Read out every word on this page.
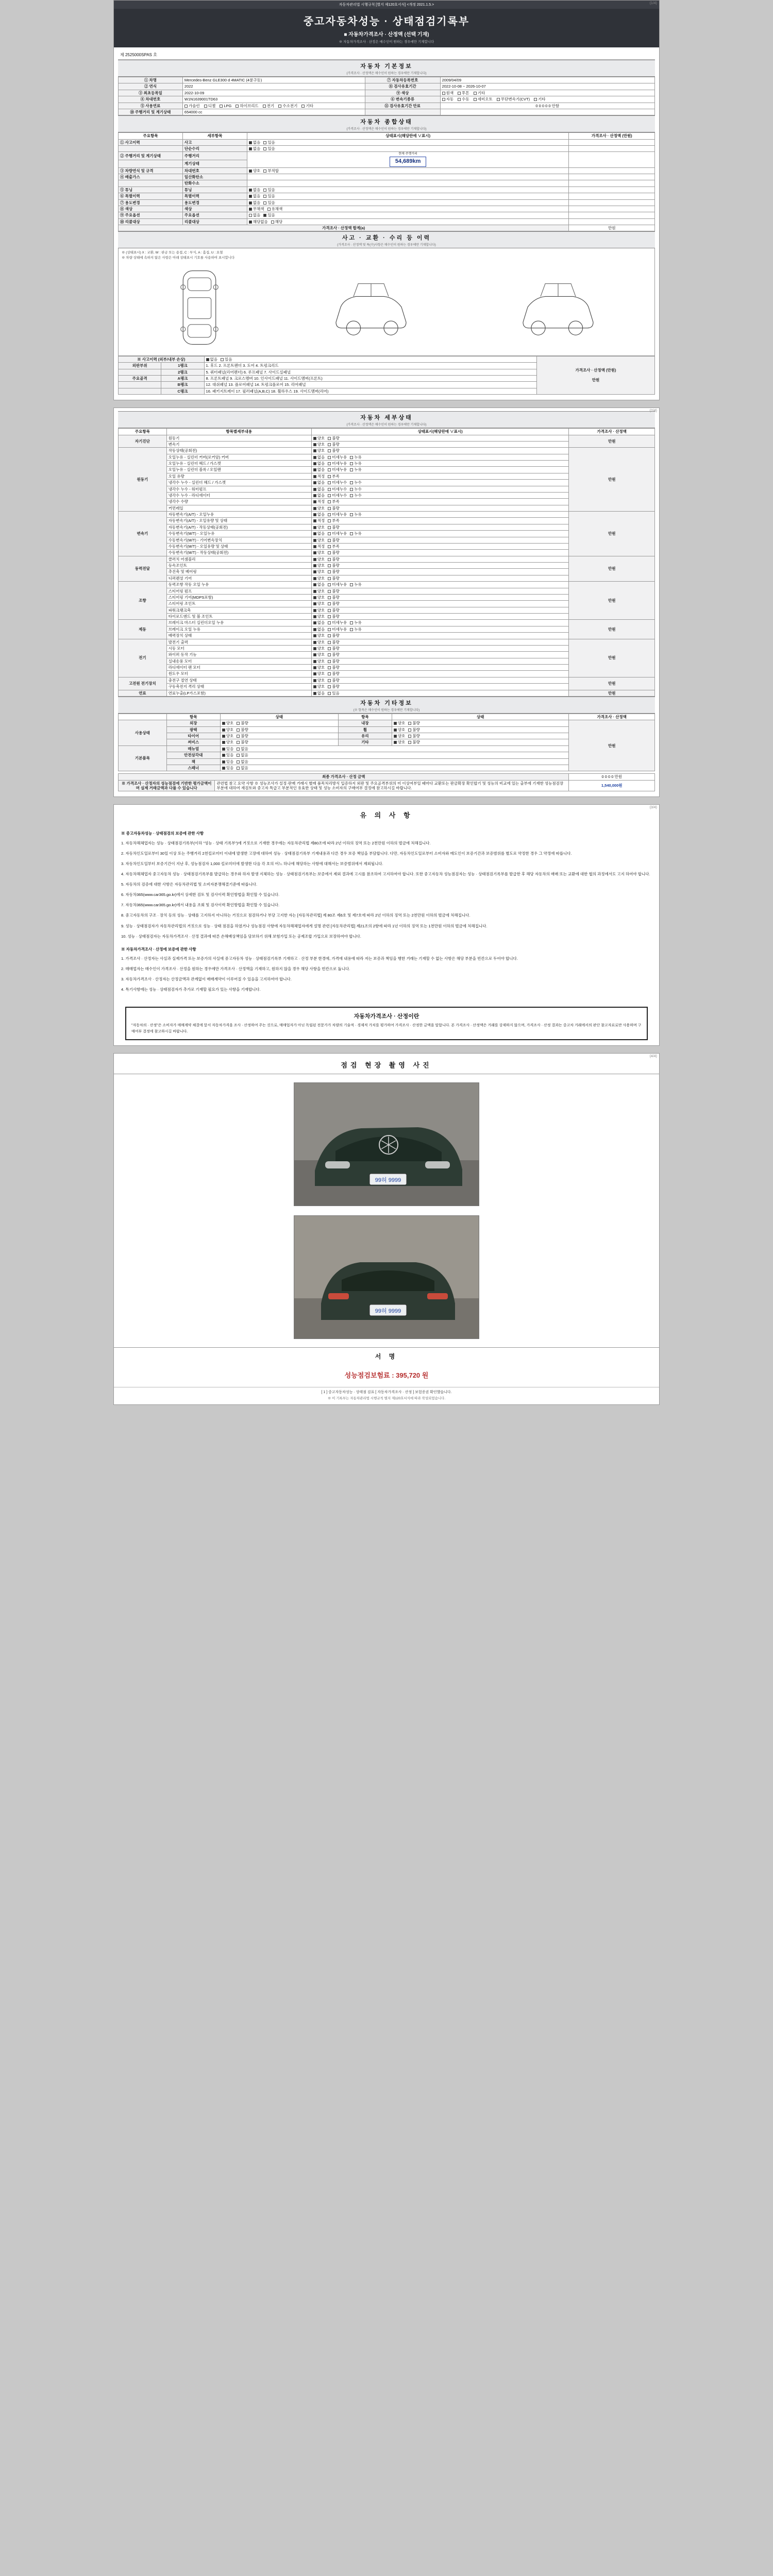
(1/4)
자동차관리법 시행규칙 [별지 제120호서식] <개정 2021.1.5.>
중고자동차성능 · 상태점검기록부
■ 자동차가격조사 · 산정액 (선택 기재)
※ 자동차가격조사 · 산정은 매수인이 원하는 경우에만 기재합니다
제 2525000SPAS 호
자동차 기본정보
(가격조사 · 산정액은 매수인이 원하는 경우에만 기재합니다)
① 차명	Mercedes-Benz GLE300 d 4MATIC (4륜구동)	⑦ 자동차등록번호	2009/04/09
② 연식	2022	⑧ 검사유효기간	2022-10-08 ~ 2026-10-07
③ 최초등록일	2022-10-09	⑨ 색상	원색 투톤 기타
④ 차대번호	W1N1639001TD63	⑥ 변속기종류	자동 수동 세미오토 무단변속기(CVT) 기타
⑤ 사용연료	가솔린 디젤 LPG 하이브리드 전기 수소전기 기타	⑪ 검사유효기간 만료	0 0 0 0 0 안함
⑩ 주행거리 및 계기상태	654000 cc		
자동차 종합상태
(가격조사 · 산정액은 매수인이 원하는 경우에만 기재합니다)
주요항목	세부항목	상태표시(해당란에 ∨표시)	가격조사 · 산정액 (만원)
① 사고이력	사고	없음 있음	
	단순수리	없음 있음	
② 주행거리 및 계기상태	주행거리	현재 주행거리
54,689km	
	계기상태		
③ 차량연식 및 규격	차대번호	양호 부적합	
④ 배출가스	일산화탄소		
	탄화수소		
⑤ 튜닝	튜닝	없음 있음	
⑥ 특별이력	특별이력	없음 있음	
⑦ 용도변경	용도변경	없음 있음	
⑧ 색상	색상	무채색 유채색	
⑨ 주요옵션	주요옵션	없음 있음	
⑩ 리콜대상	리콜대상	해당없음 해당	
가격조사 · 산정액 합계(a)			만원
사고 · 교환 · 수리 등 이력
(가격조사 · 산정액 및 특(수)사항은 매수인이 원하는 경우에만 기재합니다)
※ (상태표시) X : 교환, W : 판금 또는 용접, C : 부식, A : 흠집, U : 요철
※ 차량 상태에 속하지 않은 사항은 아래 상태표시 기호를 사용하여 표시합니다
※ 사고이력 (외부/내부 손상)		없음 있음	가격조사 · 산정액 (만원)

만원
외판부위	1랭크	1. 후드 2. 프론트펜더 3. 도어 4. 트렁크리드	
	2랭크	5. 쿼터패널(리어펜더) 6. 루프패널 7. 사이드실패널	
주요골격	A랭크	8. 프론트패널 9. 크로스멤버 10. 인사이드패널 11. 사이드멤버(프론트)	
	B랭크	12. 대쉬패널 13. 플로어패널 14. 트렁크플로어 15. 리어패널	
	C랭크	16. 패키지트레이 17. 필러패널(A,B,C) 18. 휠하우스 19. 사이드멤버(리어)	
(2/4)
자동차 세부상태
(가격조사 · 산정액은 매수인이 원하는 경우에만 기재합니다)
주요항목	항목별세부내용	상태표시(해당란에 ∨표시)	가격조사 · 산정액
자기진단	원동기	양호 불량	만원
	변속기	양호 불량	
원동기	작동상태(공회전)	양호 불량	만원
	오일누유 - 실린더 커버(로커암) 커버	없음 미세누유 누유	
	오일누유 - 실린더 헤드 / 가스켓	없음 미세누유 누유	
	오일누유 - 실린더 블록 / 오일팬	없음 미세누유 누유	
	오일 유량	적정 부족	
	냉각수 누수 - 실린더 헤드 / 가스켓	없음 미세누수 누수	
	냉각수 누수 - 워터펌프	없음 미세누수 누수	
	냉각수 누수 - 라디에이터	없음 미세누수 누수	
	냉각수 수량	적정 부족	
	커먼레일	양호 불량	
변속기	자동변속기(A/T) - 오일누유	없음 미세누유 누유	만원
	자동변속기(A/T) - 오일유량 및 상태	적정 부족	
	자동변속기(A/T) - 작동상태(공회전)	양호 불량	
	수동변속기(M/T) - 오일누유	없음 미세누유 누유	
	수동변속기(M/T) - 기어변속장치	양호 불량	
	수동변속기(M/T) - 오일유량 및 상태	적정 부족	
	수동변속기(M/T) - 작동상태(공회전)	양호 불량	
동력전달	클러치 어셈블리	양호 불량	만원
	등속조인트	양호 불량	
	추진축 및 베어링	양호 불량	
	디퍼렌셜 기어	양호 불량	
조향	동력조향 작동 오일 누유	없음 미세누유 누유	만원
	스티어링 펌프	양호 불량	
	스티어링 기어(MDPS포함)	양호 불량	
	스티어링 조인트	양호 불량	
	파워크랭크축	양호 불량	
	타이로드엔드 및 볼 조인트	양호 불량	
제동	브레이크 마스터 실린더오일 누유	없음 미세누유 누유	만원
	브레이크 오일 누유	없음 미세누유 누유	
	배력장치 상태	양호 불량	
전기	발전기 출력	양호 불량	만원
	시동 모터	양호 불량	
	와이퍼 동작 기능	양호 불량	
	실내송풍 모터	양호 불량	
	라디에이터 팬 모터	양호 불량	
	윈도우 모터	양호 불량	
고전원 전기장치	충전구 절연 상태	양호 불량	만원
	구동축전지 격리 상태	양호 불량	
연료	연료누출(LP가스포함)	없음 있음	만원
자동차 기타정보
(※ 항목은 매수인이 원하는 경우에만 기재합니다)
	항목	상태	항목	상태	가격조사 · 산정액
사용상태	외장	양호 불량	내장	양호 불량	만원
	광택	양호 불량	휠	양호 불량	
	타이어	양호 불량	유리	양호 불량	
	써비스	양호 불량	기타	양호 불량	
기본품목	매뉴얼	있음 없음			
	안전삼각대	있음 없음			
	잭	있음 없음			
	스패너	있음 없음			
최종 가격조사 · 산정 금액		0 0 0 0 만원
※ 가격조사 · 산정자의 성능점검에 기반한 평가금액이며 실제 거래금액과 다를 수 있습니다	관련법 참고 요약 사항 ※ 성능조사가 설정·판매 거래시 별매 품목처리방식 입증하지 외판 및 주요골격부위의 미 이상여부일 때마다 교환또는 판금확장 확인합기 및 성능의 비교에 있는 출부에 기재한 성능점검장 부분에 대하여 재검토와 중고자 특급고 부분적인 유효한 상태 및 성능 소비자의 구매여부 결정에 참고하시길 바랍니다.	1,540,000원
(3/4)
유 의 사 항
※ 중고자동차성능 · 상태점검의 보증에 관한 사항

1. 자동차해체업자는 성능 · 상태점검기록부(이하 "성능 · 상태 기록부")에 거짓으로 기재한 경우에는 자동차관리법 제80조에 따라 2년 이하의 징역 또는 2천만원 이하의 벌금에 처해집니다.

2. 자동차인도일로부터 30일 이상 또는 주행거리 2천킬로미터 이내에 발생한 고장에 대하여 성능 · 상태점검기록부 기재내용과 다른 경우 보증 책임을 부담합니다. 다만, 자동차인도일로부터 소비자와 매도인이 보증기간과 보증범위를 별도로 약정한 경우 그 약정에 따릅니다.

3. 자동차인도일부터 보증기간이 지난 후, 성능점검자 1,000 킬로미터에 발생한 다음 각 호의 어느 하나에 해당하는 사항에 대해서는 보증범위에서 제외됩니다.

4. 자동차해체업자 중고자동차 성능 · 상태점검기록부를 발급하는 경우와 하자 발생 지체하는 성능 · 상태점검기록부는 보증에서 제외 결과에 고시를 참조하여 고지하여야 합니다. 또한 중고자동차 성능점검자는 성능 · 상태점검기록부를 발급한 후 해당 자동차의 매매 또는 교환에 대한 협의 과정에서도 고지 하여야 합니다.

5. 자동차의 검증에 대한 사항은 자동차관리법 및 소비자분쟁해결기준에 따릅니다.

6. 자동차365(www.car365.go.kr)에서 상세한 검토 및 검사이력 확인방법을 확인할 수 있습니다.

7. 자동차365(www.car365.go.kr)에서 내용을 조회 및 검사이력 확인방법을 확인할 수 있습니다.

8. 중고자동차의 구조 · 장치 등의 성능 · 상태를 고지하지 아니하는 거짓으로 점검하거나 부당 고지한 자는 [자동차관리법] 제 80조 제6호 및 제7호에 따라 2년 이하의 징역 또는 2천만원 이하의 벌금에 처해집니다.

9. 성능 · 상태점검자가 자동차관리법의 거짓으로 성능 · 상태 점검을 하였거나 성능점검 사항에 자동차해체업자에게 설명 관련 [자동차관리법] 제21조의 2항에 따라 1년 이하의 징역 또는 1천만원 이하의 벌금에 처해집니다.

10. 성능 · 상태점검자는 자동차가격조사 · 산정 결과에 따른 손해배상책임을 담보하기 위해 보험가입 또는 공제조합 가입으로 보장하여야 합니다.

※ 자동차가격조사 · 산정에 보증에 관한 사항

1. 가격조사 · 산정자는 사실과 실제가격 또는 보증가의 사실에 중고자동차 성능 · 상태점검기록부 기재하고 · 산정 부분 한경에, 가격에 내용에 따라 저는 보증과 책임을 행한 거래는 기재할 수 없는 사항은 해당 부분을 빈칸으로 두어야 합니다.

2. 매매업자는 매수인이 가격조사 · 산정을 원하는 경우에만 가격조사 · 산정액을 기재하고, 원하지 않을 경우 해당 사항을 빈칸으로 둡니다.

3. 자동차가격조사 · 산정자는 산정금액과 관계없이 매매계약이 이루어질 수 있음을 고지하여야 합니다.

4. 특기사항에는 성능 · 상태점검자가 추가로 기재할 필요가 있는 사항을 기재합니다.

자동차가격조사 · 산정이란
"자동차의 · 산정"은 소비자가 매매계약 체결에 앞서 자동차가격을 조사 · 산정하여 주는 것으로, 매매업자가 아닌 독립된 전문가가 차량의 기술적 · 경제적 가치를 평가하여 가격조사 · 산정한 금액을 말합니다. 본 가격조사 · 산정액은 거래를 강제하지 않으며, 가격조사 · 산정 결과는 중고차 거래에서의 판단 참고자료로만 사용하며 구매여부 결정에 참고하시길 바랍니다.
(4/4)
점검 현장 촬영 사진
99허 9999
99허 9999
서 명
성능점검보험료 : 395,720 원
[ 1 ] 중고자동차성능 · 상태점 검표 [ 자동차가격조사 · 산정 ] 보험증권 확인했습니다.
※ 이 기록부는 자동차관리법 시행규칙 별지 제120호서식에 따라 작성되었습니다.
